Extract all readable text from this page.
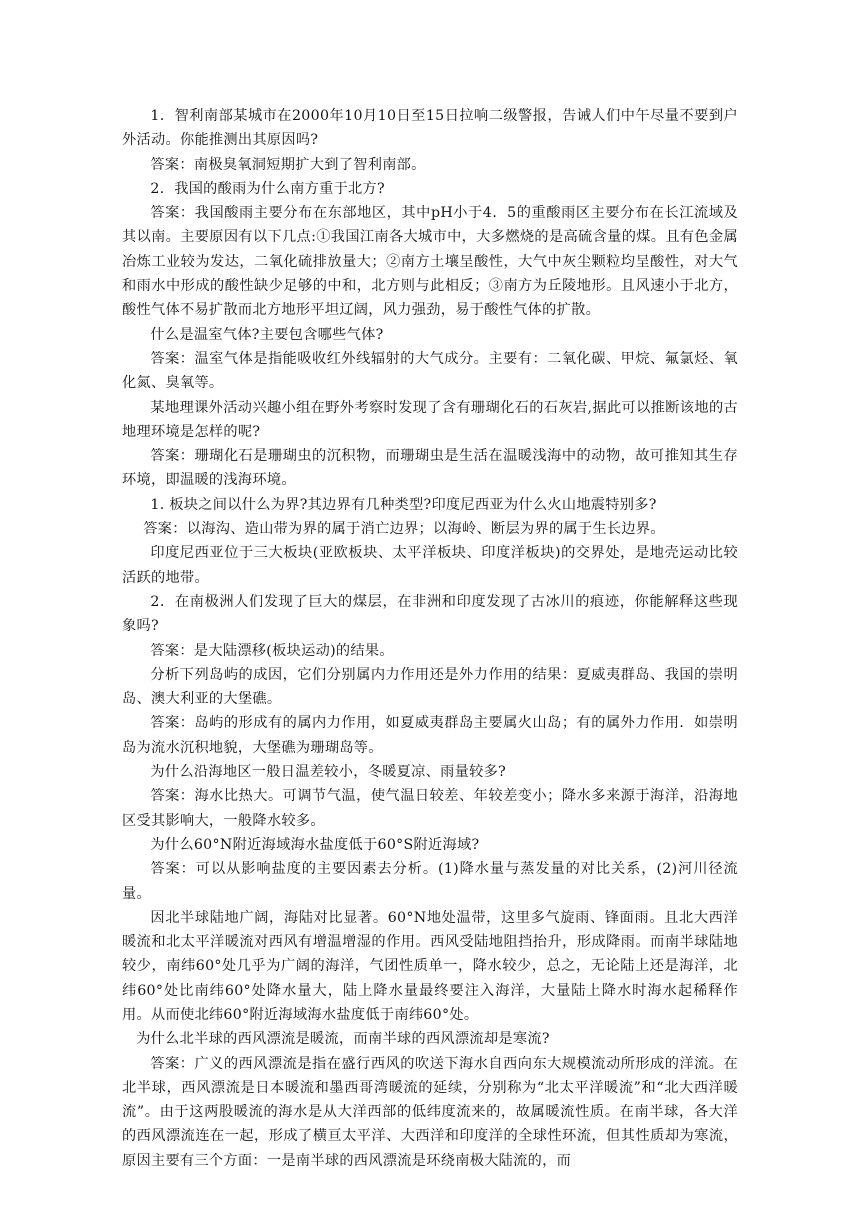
1．智利南部某城市在2000年10月10日至15日拉响二级警报，告诫人们中午尽量不要到户外活动。你能推测出其原因吗?

答案：南极臭氧洞短期扩大到了智利南部。

2．我国的酸雨为什么南方重于北方?

答案：我国酸雨主要分布在东部地区，其中pH小于4．5的重酸雨区主要分布在长江流域及其以南。主要原因有以下几点:①我国江南各大城市中，大多燃烧的是高硫含量的煤。且有色金属冶炼工业较为发达，二氧化硫排放量大；②南方土壤呈酸性，大气中灰尘颗粒均呈酸性，对大气和雨水中形成的酸性缺少足够的中和，北方则与此相反；③南方为丘陵地形。且风速小于北方，酸性气体不易扩散而北方地形平坦辽阔，风力强劲，易于酸性气体的扩散。

什么是温室气体?主要包含哪些气体?

答案：温室气体是指能吸收红外线辐射的大气成分。主要有：二氧化碳、甲烷、氟氯烃、氧化氮、臭氧等。

某地理课外活动兴趣小组在野外考察时发现了含有珊瑚化石的石灰岩,据此可以推断该地的古地理环境是怎样的呢?

答案：珊瑚化石是珊瑚虫的沉积物，而珊瑚虫是生活在温暖浅海中的动物，故可推知其生存环境，即温暖的浅海环境。

1. 板块之间以什么为界?其边界有几种类型?印度尼西亚为什么火山地震特别多?

答案：以海沟、造山带为界的属于消亡边界；以海岭、断层为界的属于生长边界。

印度尼西亚位于三大板块(亚欧板块、太平洋板块、印度洋板块)的交界处，是地壳运动比较活跃的地带。

2．在南极洲人们发现了巨大的煤层，在非洲和印度发现了古冰川的痕迹，你能解释这些现象吗?

答案：是大陆漂移(板块运动)的结果。

分析下列岛屿的成因，它们分别属内力作用还是外力作用的结果：夏威夷群岛、我国的崇明岛、澳大利亚的大堡礁。

答案：岛屿的形成有的属内力作用，如夏威夷群岛主要属火山岛；有的属外力作用．如崇明岛为流水沉积地貌，大堡礁为珊瑚岛等。

为什么沿海地区一般日温差较小，冬暖夏凉、雨量较多?

答案：海水比热大。可调节气温，使气温日较差、年较差变小；降水多来源于海洋，沿海地区受其影响大，一般降水较多。

为什么60°N附近海域海水盐度低于60°S附近海域?

答案：可以从影响盐度的主要因素去分析。(1)降水量与蒸发量的对比关系，(2)河川径流量。

因北半球陆地广阔，海陆对比显著。60°N地处温带，这里多气旋雨、锋面雨。且北大西洋暖流和北太平洋暖流对西风有增温增湿的作用。西风受陆地阻挡抬升，形成降雨。而南半球陆地较少，南纬60°处几乎为广阔的海洋，气团性质单一，降水较少，总之，无论陆上还是海洋，北纬60°处比南纬60°处降水量大，陆上降水量最终要注入海洋，大量陆上降水时海水起稀释作用。从而使北纬60°附近海域海水盐度低于南纬60°处。

为什么北半球的西风漂流是暖流，而南半球的西风漂流却是寒流?

答案：广义的西风漂流是指在盛行西风的吹送下海水自西向东大规模流动所形成的洋流。在北半球，西风漂流是日本暖流和墨西哥湾暖流的延续，分别称为“北太平洋暖流”和“北大西洋暖流”。由于这两股暖流的海水是从大洋西部的低纬度流来的，故属暖流性质。在南半球，各大洋的西风漂流连在一起，形成了横亘太平洋、大西洋和印度洋的全球性环流，但其性质却为寒流，原因主要有三个方面：一是南半球的西风漂流是环绕南极大陆流的，而
